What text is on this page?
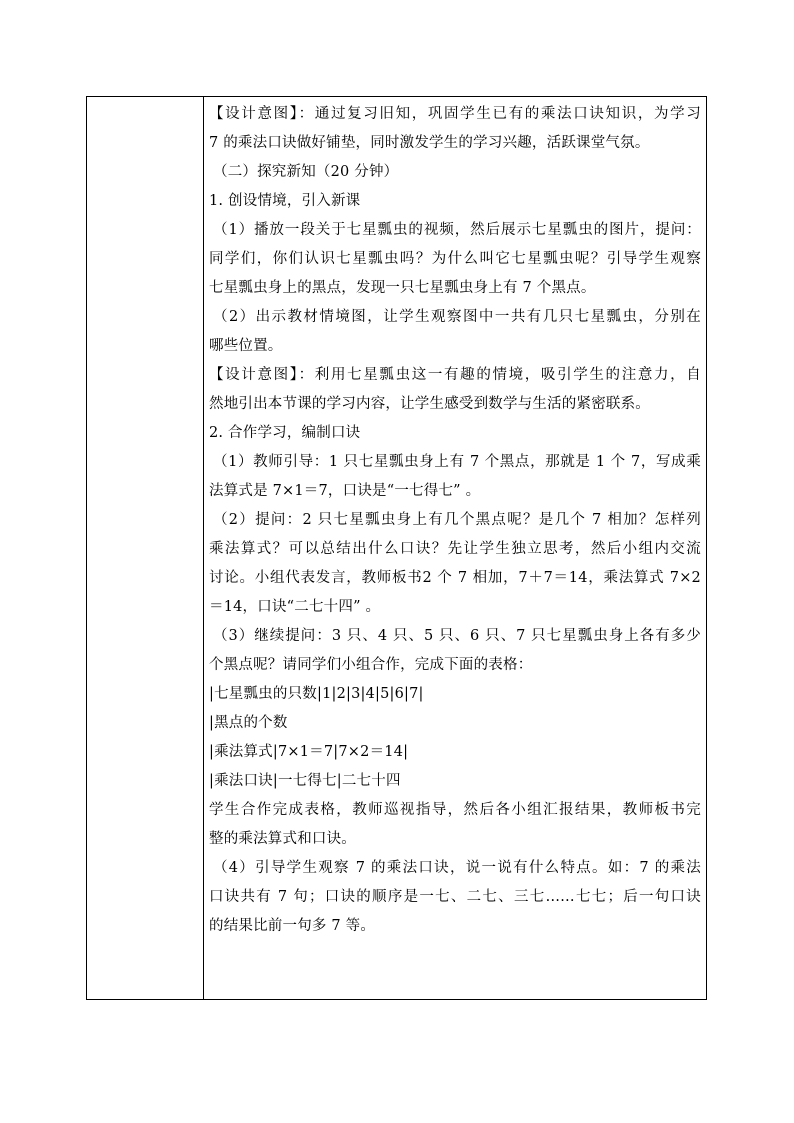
【设计意图】：通过复习旧知，巩固学生已有的乘法口诀知识，为学习
7 的乘法口诀做好铺垫，同时激发学生的学习兴趣，活跃课堂气氛。
（二）探究新知（20 分钟）
1. 创设情境，引入新课
（1）播放一段关于七星瓢虫的视频，然后展示七星瓢虫的图片，提问：
同学们，你们认识七星瓢虫吗？为什么叫它七星瓢虫呢？引导学生观察
七星瓢虫身上的黑点，发现一只七星瓢虫身上有 7 个黑点。
（2）出示教材情境图，让学生观察图中一共有几只七星瓢虫，分别在
哪些位置。
【设计意图】：利用七星瓢虫这一有趣的情境，吸引学生的注意力，自
然地引出本节课的学习内容，让学生感受到数学与生活的紧密联系。
2. 合作学习，编制口诀
（1）教师引导：1 只七星瓢虫身上有 7 个黑点，那就是 1 个 7，写成乘
法算式是 7×1＝7，口诀是“一七得七” 。
（2）提问：2 只七星瓢虫身上有几个黑点呢？是几个 7 相加？怎样列
乘法算式？可以总结出什么口诀？先让学生独立思考，然后小组内交流
讨论。小组代表发言，教师板书2 个 7 相加，7＋7＝14，乘法算式 7×2
＝14，口诀“二七十四” 。
（3）继续提问：3 只、4 只、5 只、6 只、7 只七星瓢虫身上各有多少
个黑点呢？请同学们小组合作，完成下面的表格：
|七星瓢虫的只数|1|2|3|4|5|6|7|
|黑点的个数
|乘法算式|7×1＝7|7×2＝14|
|乘法口诀|一七得七|二七十四
学生合作完成表格，教师巡视指导，然后各小组汇报结果，教师板书完
整的乘法算式和口诀。
（4）引导学生观察 7 的乘法口诀，说一说有什么特点。如：7 的乘法
口诀共有 7 句；口诀的顺序是一七、二七、三七……七七；后一句口诀
的结果比前一句多 7 等。
